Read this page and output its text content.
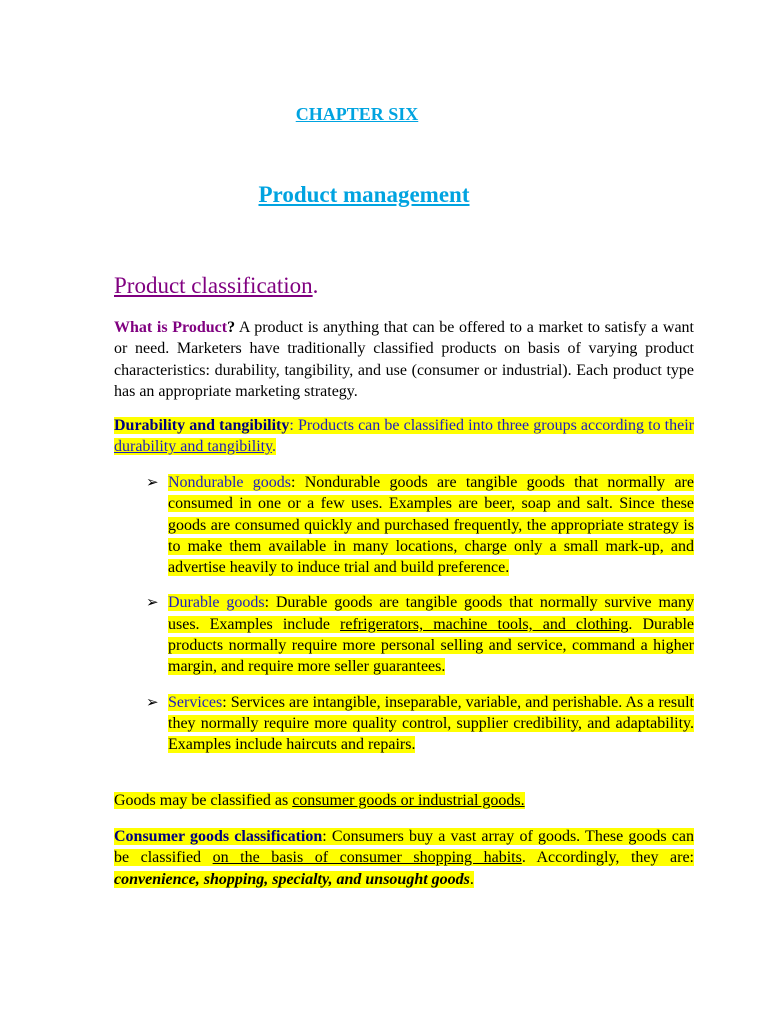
CHAPTER SIX
Product management
Product classification.
What is Product? A product is anything that can be offered to a market to satisfy a want or need. Marketers have traditionally classified products on basis of varying product characteristics: durability, tangibility, and use (consumer or industrial). Each product type has an appropriate marketing strategy.
Durability and tangibility: Products can be classified into three groups according to their durability and tangibility.
➢ Nondurable goods: Nondurable goods are tangible goods that normally are consumed in one or a few uses. Examples are beer, soap and salt. Since these goods are consumed quickly and purchased frequently, the appropriate strategy is to make them available in many locations, charge only a small mark-up, and advertise heavily to induce trial and build preference.
➢ Durable goods: Durable goods are tangible goods that normally survive many uses. Examples include refrigerators, machine tools, and clothing. Durable products normally require more personal selling and service, command a higher margin, and require more seller guarantees.
➢ Services: Services are intangible, inseparable, variable, and perishable. As a result they normally require more quality control, supplier credibility, and adaptability. Examples include haircuts and repairs.
Goods may be classified as consumer goods or industrial goods.
Consumer goods classification: Consumers buy a vast array of goods. These goods can be classified on the basis of consumer shopping habits. Accordingly, they are: convenience, shopping, specialty, and unsought goods.
